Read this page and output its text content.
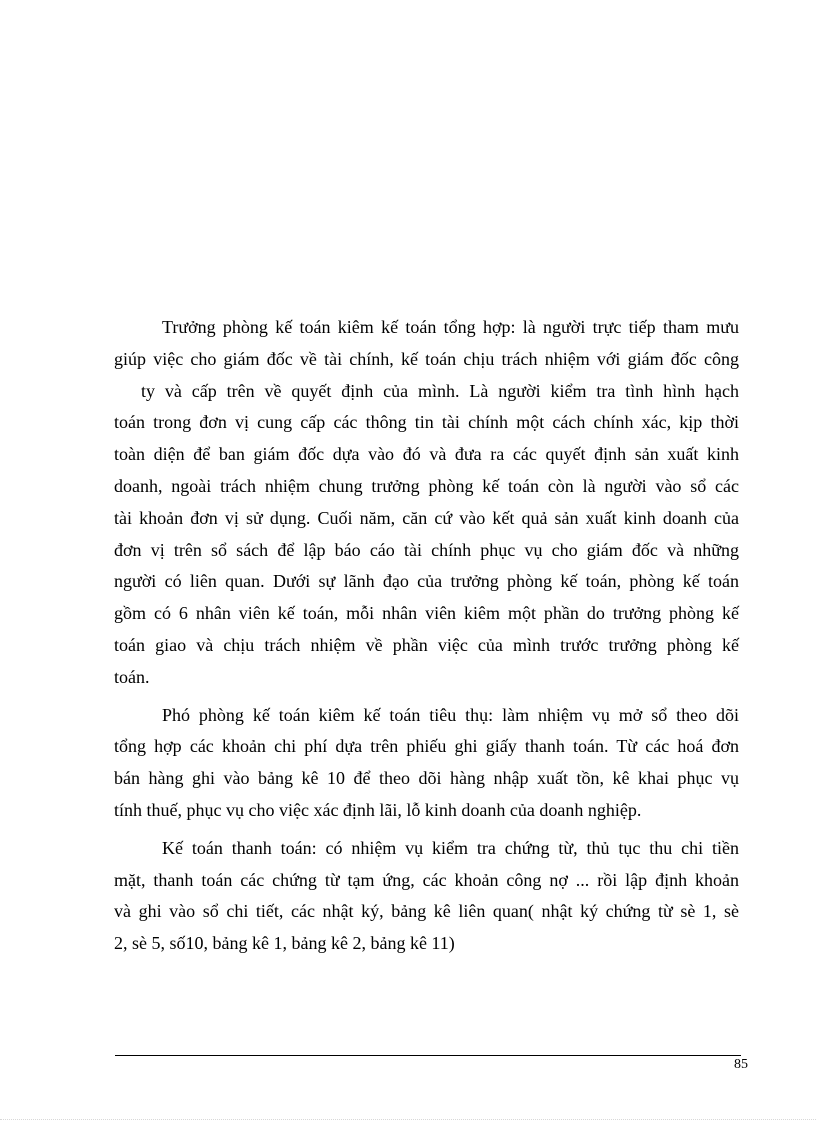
Trưởng phòng kế toán kiêm kế toán tổng hợp: là người trực tiếp tham mưu
giúp việc cho giám đốc về tài chính, kế toán chịu trách nhiệm với giám đốc công
ty và cấp trên về quyết định của mình. Là người kiểm tra tình hình hạch
toán trong đơn vị cung cấp các thông tin tài chính một cách chính xác, kịp thời
toàn diện để ban giám đốc dựa vào đó và đưa ra các quyết định sản xuất kinh
doanh, ngoài trách nhiệm chung trưởng phòng kế toán còn là người vào sổ các
tài khoản đơn vị sử dụng. Cuối năm, căn cứ vào kết quả sản xuất kinh doanh của
đơn vị trên sổ sách để lập báo cáo tài chính phục vụ cho giám đốc và những
người có liên quan. Dưới sự lãnh đạo của trưởng phòng kế toán, phòng kế toán
gồm có 6 nhân viên kế toán, mỗi nhân viên kiêm một phần do trưởng phòng kế
toán giao và chịu trách nhiệm về phần việc của mình trước trưởng phòng kế
toán.
Phó phòng kế toán kiêm kế toán tiêu thụ: làm nhiệm vụ mở sổ theo dõi
tổng hợp các khoản chi phí dựa trên phiếu ghi giấy thanh toán. Từ các hoá đơn
bán hàng ghi vào bảng kê 10 để theo dõi hàng nhập xuất tồn, kê khai phục vụ
tính thuế, phục vụ cho việc xác định lãi, lỗ kinh doanh của doanh nghiệp.
Kế toán thanh toán: có nhiệm vụ kiểm tra chứng từ, thủ tục thu chi tiền
mặt, thanh toán các chứng từ tạm ứng, các khoản công nợ ... rồi lập định khoản
và ghi vào sổ chi tiết, các nhật ký, bảng kê liên quan( nhật ký chứng từ sè 1, sè
2, sè 5, số10, bảng kê 1, bảng kê 2, bảng kê 11)
85
